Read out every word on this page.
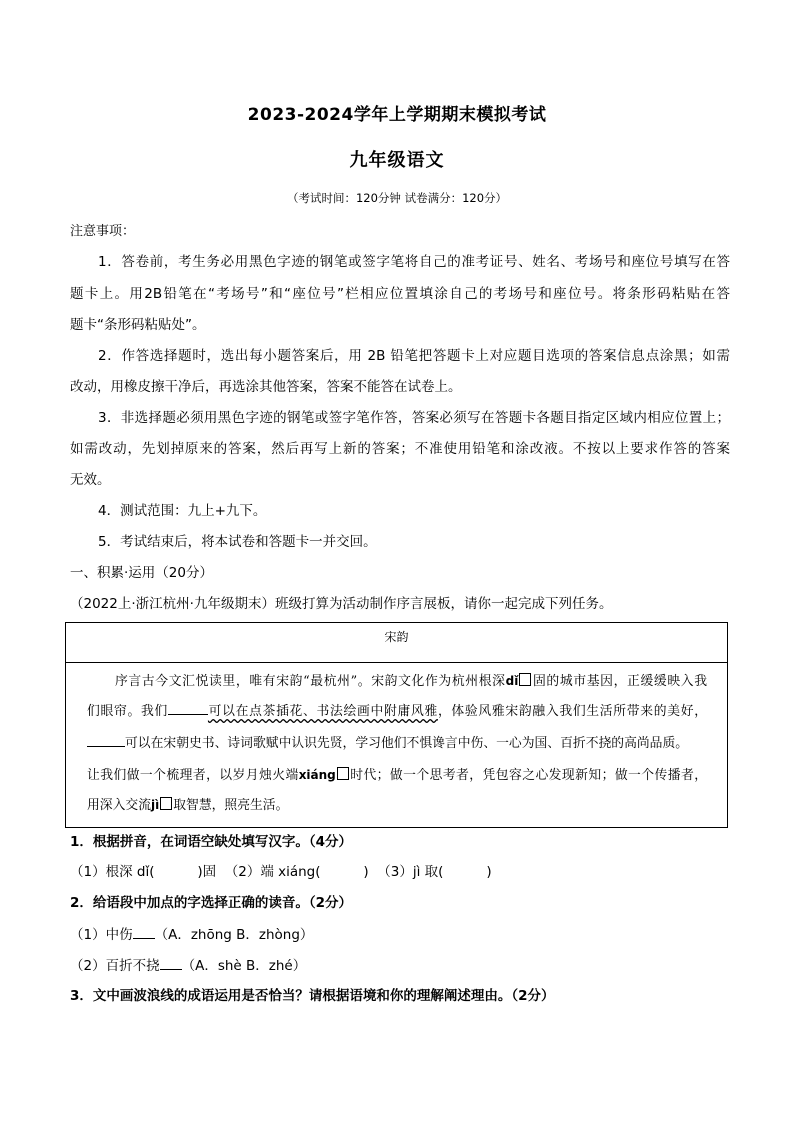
2023-2024学年上学期期末模拟考试
九年级语文
（考试时间：120分钟 试卷满分：120分）
注意事项：
1．答卷前，考生务必用黑色字迹的钢笔或签字笔将自己的准考证号、姓名、考场号和座位号填写在答
题卡上。用2B铅笔在“考场号”和“座位号”栏相应位置填涂自己的考场号和座位号。将条形码粘贴在答
题卡“条形码粘贴处”。
2．作答选择题时，选出每小题答案后，用 2B 铅笔把答题卡上对应题目选项的答案信息点涂黑；如需
改动，用橡皮擦干净后，再选涂其他答案，答案不能答在试卷上。
3．非选择题必须用黑色字迹的钢笔或签字笔作答，答案必须写在答题卡各题目指定区域内相应位置上；
如需改动，先划掉原来的答案，然后再写上新的答案；不准使用铅笔和涂改液。不按以上要求作答的答案
无效。
4．测试范围：九上+九下。
5．考试结束后，将本试卷和答题卡一并交回。
一、积累·运用（20分）
（2022上·浙江杭州·九年级期末）班级打算为活动制作序言展板，请你一起完成下列任务。
宋韵
序言古今文汇悦读里，唯有宋韵“最杭州”。宋韵文化作为杭州根深dǐ 固的城市基因，正缓缓映入我
们眼帘。我们	可以在点茶插花、书法绘画中附庸风雅，体验风雅宋韵融入我们生活所带来的美好，
可以在宋朝史书、诗词歌赋中认识先贤，学习他们不惧谗言中伤、一心为国、百折不挠的高尚品质。
让我们做一个梳理者，以岁月烛火端xiáng 时代；做一个思考者，凭包容之心发现新知；做一个传播者，
用深入交流jì 取智慧，照亮生活。
1．根据拼音，在词语空缺处填写汉字。（4分）
（1）根深 dǐ(          )固  （2）端 xiáng(          )  （3）jì 取(          )
2．给语段中加点的字选择正确的读音。（2分）
（1）中伤 （A．zhōng B．zhòng）
（2）百折不挠 （A．shè B．zhé）
3．文中画波浪线的成语运用是否恰当？请根据语境和你的理解阐述理由。（2分）
